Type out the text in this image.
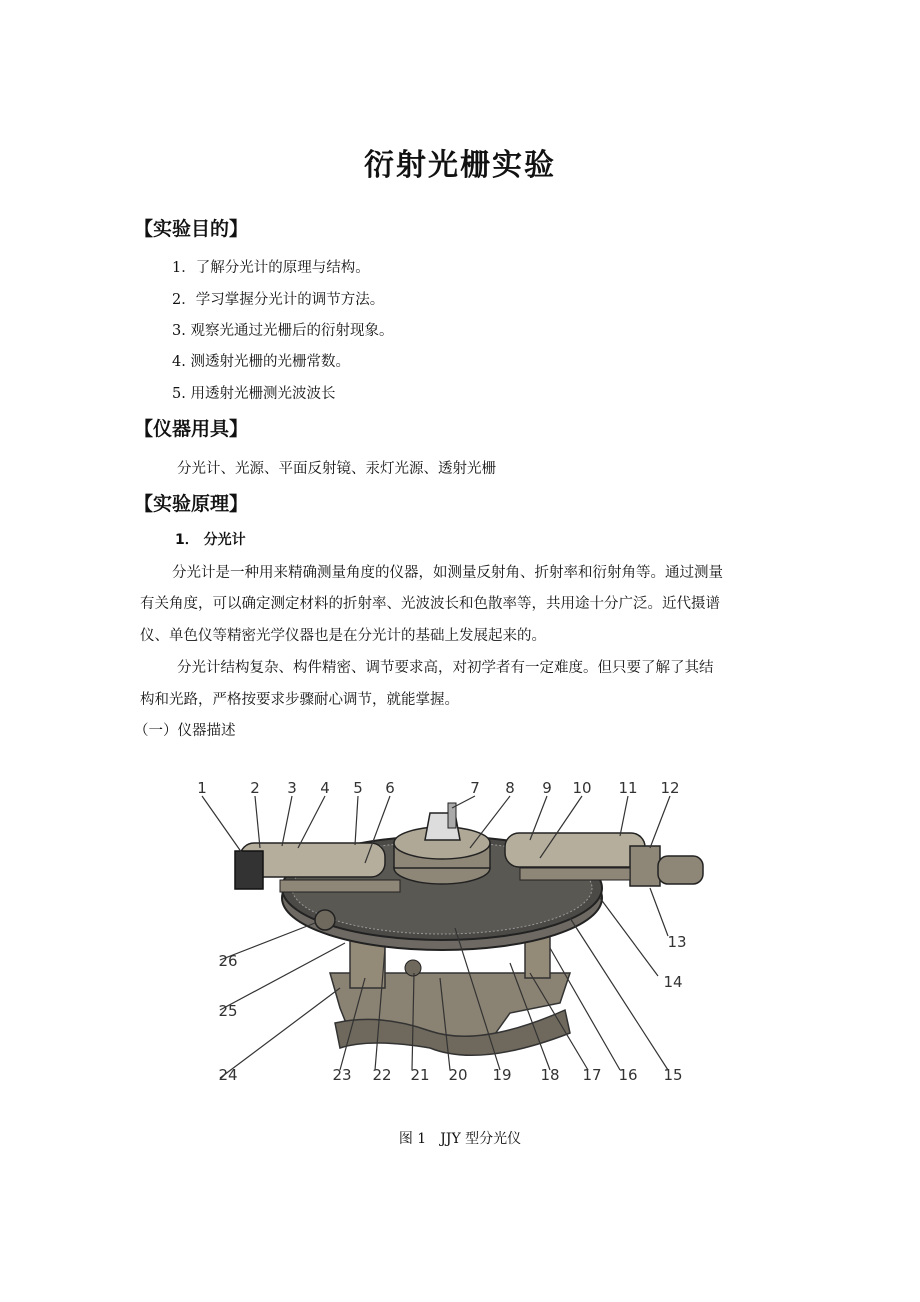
衍射光栅实验
【实验目的】
1．了解分光计的原理与结构。
2．学习掌握分光计的调节方法。
3. 观察光通过光栅后的衍射现象。
4. 测透射光栅的光栅常数。
5. 用透射光栅测光波波长
【仪器用具】
分光计、光源、平面反射镜、汞灯光源、透射光栅
【实验原理】
1． 分光计
分光计是一种用来精确测量角度的仪器，如测量反射角、折射率和衍射角等。通过测量
有关角度，可以确定测定材料的折射率、光波波长和色散率等，共用途十分广泛。近代摄谱
仪、单色仪等精密光学仪器也是在分光计的基础上发展起来的。
分光计结构复杂、构件精密、调节要求高，对初学者有一定难度。但只要了解了其结
构和光路，严格按要求步骤耐心调节，就能掌握。
（一）仪器描述
1	2 3 4 5 6	7 8 9 10 11 12
13
14
15
16
17
18
19
20
21
22
23
24
25
26
图 1　JJY 型分光仪
